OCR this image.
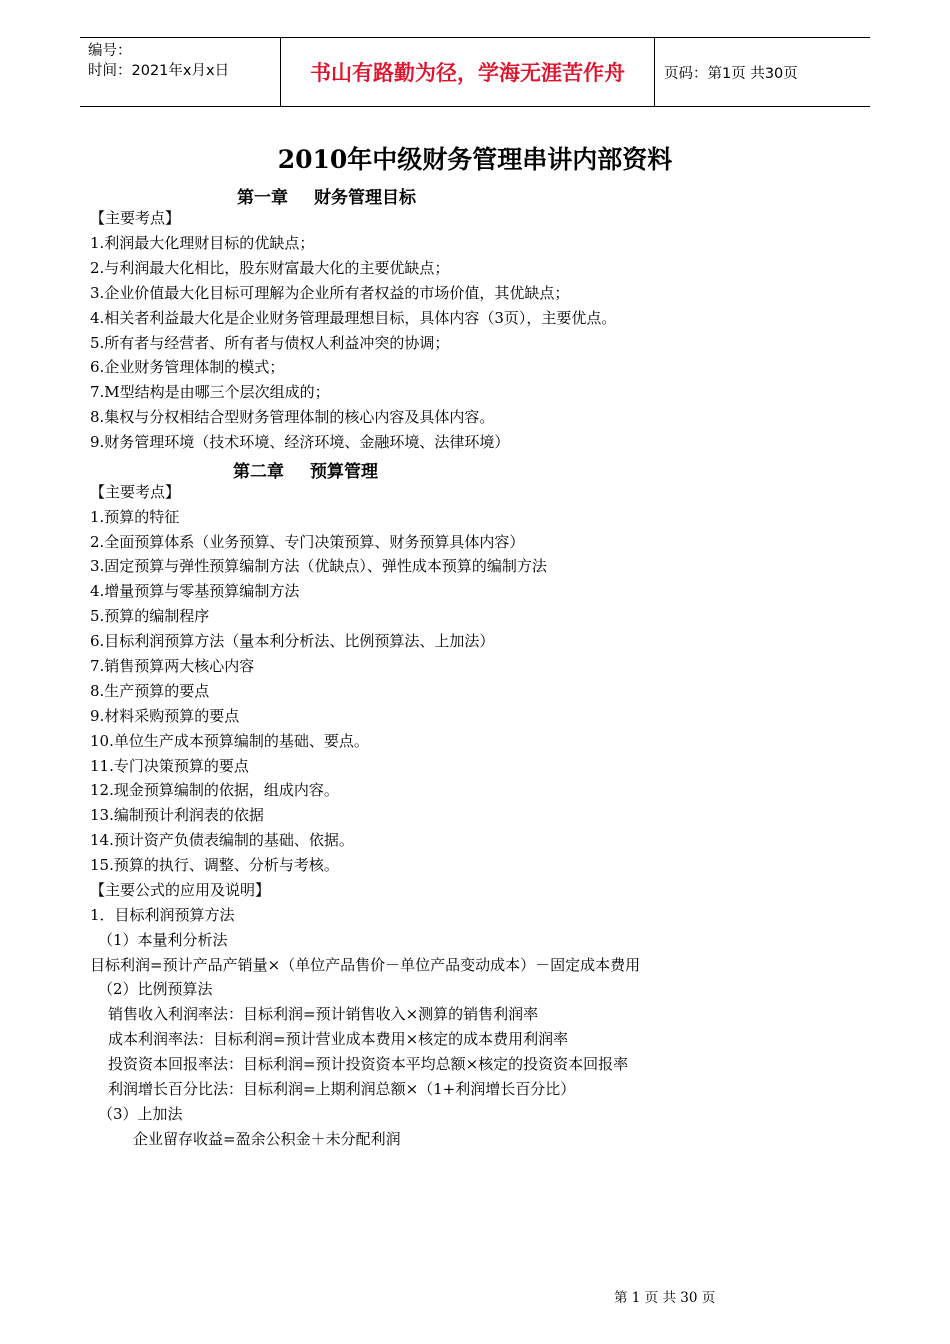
编号：
时间：2021年x月x日	书山有路勤为径，学海无涯苦作舟	页码：第1页 共30页
2010年中级财务管理串讲内部资料
第一章 财务管理目标
【主要考点】
1.利润最大化理财目标的优缺点；
2.与利润最大化相比，股东财富最大化的主要优缺点；
3.企业价值最大化目标可理解为企业所有者权益的市场价值，其优缺点；
4.相关者利益最大化是企业财务管理最理想目标，具体内容（3页），主要优点。
5.所有者与经营者、所有者与债权人利益冲突的协调；
6.企业财务管理体制的模式；
7.M型结构是由哪三个层次组成的；
8.集权与分权相结合型财务管理体制的核心内容及具体内容。
9.财务管理环境（技术环境、经济环境、金融环境、法律环境）
第二章 预算管理
【主要考点】
1.预算的特征
2.全面预算体系（业务预算、专门决策预算、财务预算具体内容）
3.固定预算与弹性预算编制方法（优缺点）、弹性成本预算的编制方法
4.增量预算与零基预算编制方法
5.预算的编制程序
6.目标利润预算方法（量本利分析法、比例预算法、上加法）
7.销售预算两大核心内容
8.生产预算的要点
9.材料采购预算的要点
10.单位生产成本预算编制的基础、要点。
11.专门决策预算的要点
12.现金预算编制的依据，组成内容。
13.编制预计利润表的依据
14.预计资产负债表编制的基础、依据。
15.预算的执行、调整、分析与考核。
【主要公式的应用及说明】
1．目标利润预算方法
（1）本量利分析法
目标利润=预计产品产销量×（单位产品售价－单位产品变动成本）－固定成本费用
（2）比例预算法
销售收入利润率法：目标利润=预计销售收入×测算的销售利润率
成本利润率法：目标利润=预计营业成本费用×核定的成本费用利润率
投资资本回报率法：目标利润=预计投资资本平均总额×核定的投资资本回报率
利润增长百分比法：目标利润=上期利润总额×（1+利润增长百分比）
（3）上加法
企业留存收益=盈余公积金＋未分配利润
第 1 页 共 30 页
